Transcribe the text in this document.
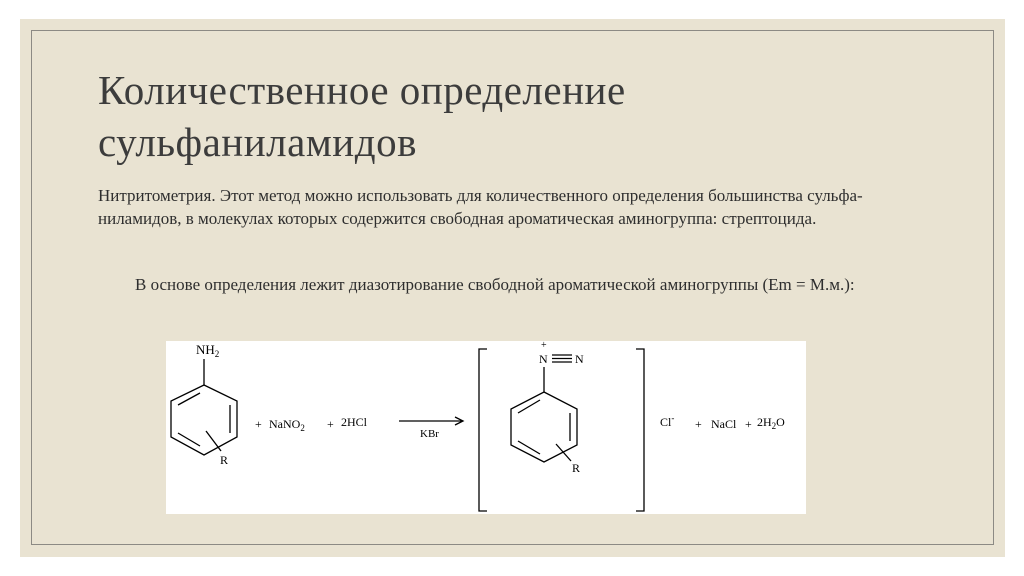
Количественное определение
сульфаниламидов
Нитритометрия. Этот метод можно использовать для количественного определения большинства сульфа- ниламидов, в молекулах которых содержится свободная ароматическая аминогруппа: стрептоцида.
В основе определения лежит диазотирование свободной ароматической аминогруппы (Em = М.м.):
$NH_2$
R
+ NaNO$_2$ + 2HCl
KBr
+
N N
R
Cl- + NaCl + $2H_2O$
